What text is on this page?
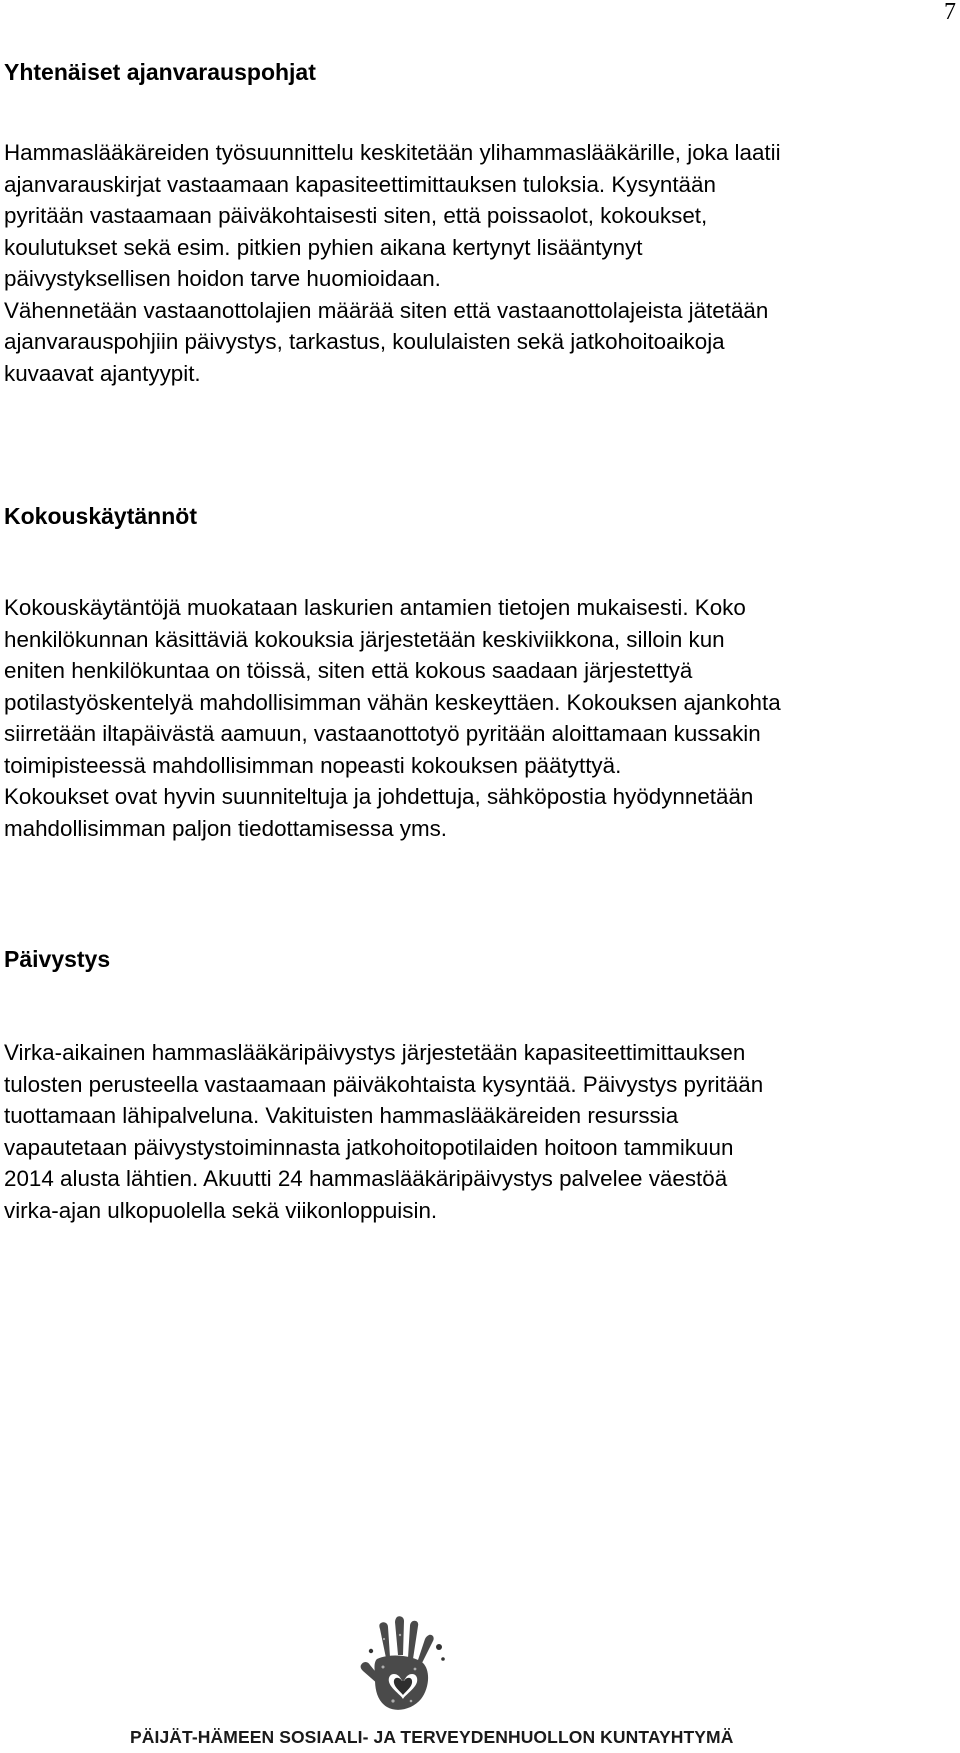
7
Yhtenäiset ajanvarauspohjat
Hammaslääkäreiden työsuunnittelu keskitetään ylihammaslääkärille, joka laatii
ajanvarauskirjat vastaamaan kapasiteettimittauksen tuloksia. Kysyntään
pyritään vastaamaan päiväkohtaisesti siten, että poissaolot, kokoukset,
koulutukset sekä esim. pitkien pyhien aikana kertynyt lisääntynyt
päivystyksellisen hoidon tarve huomioidaan.
Vähennetään vastaanottolajien määrää siten että vastaanottolajeista jätetään
ajanvarauspohjiin päivystys, tarkastus, koululaisten sekä jatkohoitoaikoja
kuvaavat ajantyypit.
Kokouskäytännöt
Kokouskäytäntöjä muokataan laskurien antamien tietojen mukaisesti. Koko
henkilökunnan käsittäviä kokouksia järjestetään keskiviikkona, silloin kun
eniten henkilökuntaa on töissä, siten että kokous saadaan järjestettyä
potilastyöskentelyä mahdollisimman vähän keskeyttäen. Kokouksen ajankohta
siirretään iltapäivästä aamuun, vastaanottotyö pyritään aloittamaan kussakin
toimipisteessä mahdollisimman nopeasti kokouksen päätyttyä.
Kokoukset ovat hyvin suunniteltuja ja johdettuja, sähköpostia hyödynnetään
mahdollisimman paljon tiedottamisessa yms.
Päivystys
Virka-aikainen hammaslääkäripäivystys järjestetään kapasiteettimittauksen
tulosten perusteella vastaamaan päiväkohtaista kysyntää. Päivystys pyritään
tuottamaan lähipalveluna. Vakituisten hammaslääkäreiden resurssia
vapautetaan päivystystoiminnasta jatkohoitopotilaiden hoitoon tammikuun
2014 alusta lähtien. Akuutti 24 hammaslääkäripäivystys palvelee väestöä
virka-ajan ulkopuolella sekä viikonloppuisin.
PÄIJÄT-HÄMEEN SOSIAALI- JA TERVEYDENHUOLLON KUNTAYHTYMÄ
